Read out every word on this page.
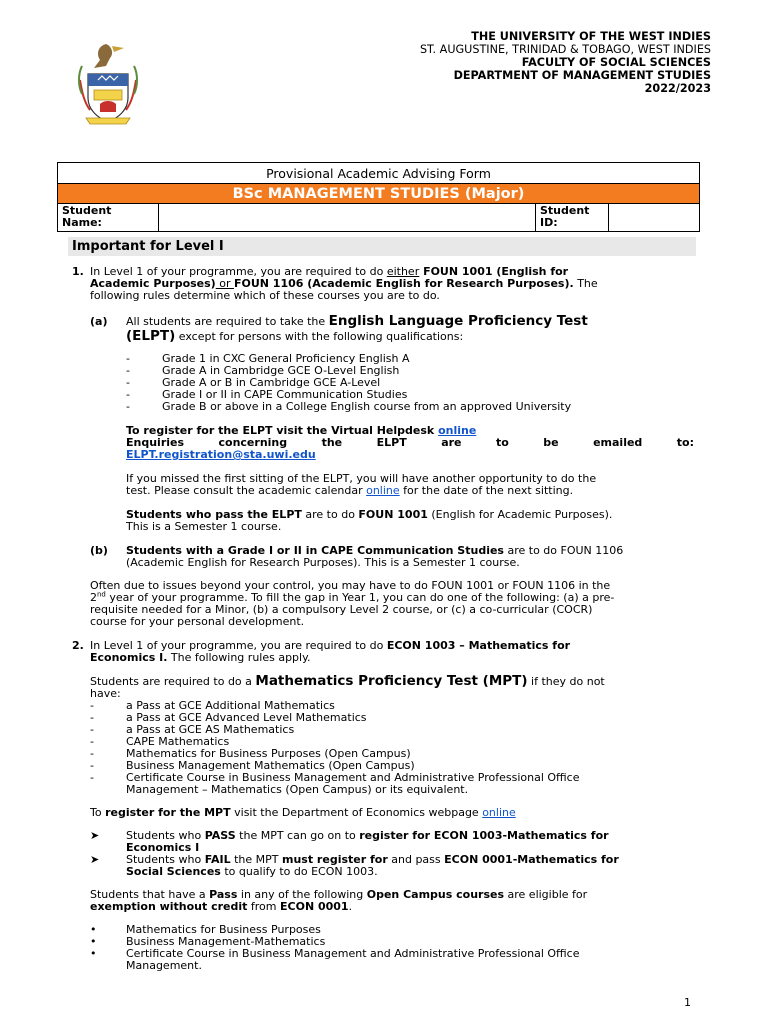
THE UNIVERSITY OF THE WEST INDIES
ST. AUGUSTINE, TRINIDAD & TOBAGO, WEST INDIES
FACULTY OF SOCIAL SCIENCES
DEPARTMENT OF MANAGEMENT STUDIES
2022/2023
Provisional Academic Advising Form
BSc MANAGEMENT STUDIES (Major)

Student
Name:

Student
ID:

Important for Level I
1. In Level 1 of your programme, you are required to do either FOUN 1001 (English for
Academic Purposes) or FOUN 1106 (Academic English for Research Purposes). The
following rules determine which of these courses you are to do.
(a) All students are required to take the English Language Proficiency Test
(ELPT) except for persons with the following qualifications:
-	Grade 1 in CXC General Proficiency English A
-	Grade A in Cambridge GCE O-Level English
-	Grade A or B in Cambridge GCE A-Level
-	Grade I or II in CAPE Communication Studies
-	Grade B or above in a College English course from an approved University
To register for the ELPT visit the Virtual Helpdesk online
Enquiries	concerning	the	ELPT	are	to	be	emailed	to:
ELPT.registration@sta.uwi.edu
If you missed the first sitting of the ELPT, you will have another opportunity to do the
test. Please consult the academic calendar online for the date of the next sitting.
Students who pass the ELPT are to do FOUN 1001 (English for Academic Purposes).
This is a Semester 1 course.
(b) Students with a Grade I or II in CAPE Communication Studies are to do FOUN 1106
(Academic English for Research Purposes). This is a Semester 1 course.
Often due to issues beyond your control, you may have to do FOUN 1001 or FOUN 1106 in the
2nd year of your programme. To fill the gap in Year 1, you can do one of the following: (a) a pre-
requisite needed for a Minor, (b) a compulsory Level 2 course, or (c) a co-curricular (COCR)
course for your personal development.
2. In Level 1 of your programme, you are required to do ECON 1003 – Mathematics for
Economics I. The following rules apply.
Students are required to do a Mathematics Proficiency Test (MPT) if they do not
have:
-	a Pass at GCE Additional Mathematics
-	a Pass at GCE Advanced Level Mathematics
-	a Pass at GCE AS Mathematics
-	CAPE Mathematics
-	Mathematics for Business Purposes (Open Campus)
-	Business Management Mathematics (Open Campus)
-	Certificate Course in Business Management and Administrative Professional Office
Management – Mathematics (Open Campus) or its equivalent.
To register for the MPT visit the Department of Economics webpage online
➤ Students who PASS the MPT can go on to register for ECON 1003-Mathematics for
Economics I
➤ Students who FAIL the MPT must register for and pass ECON 0001-Mathematics for
Social Sciences to qualify to do ECON 1003.
Students that have a Pass in any of the following Open Campus courses are eligible for
exemption without credit from ECON 0001.
•	Mathematics for Business Purposes
•	Business Management-Mathematics
•	Certificate Course in Business Management and Administrative Professional Office
Management.
1
